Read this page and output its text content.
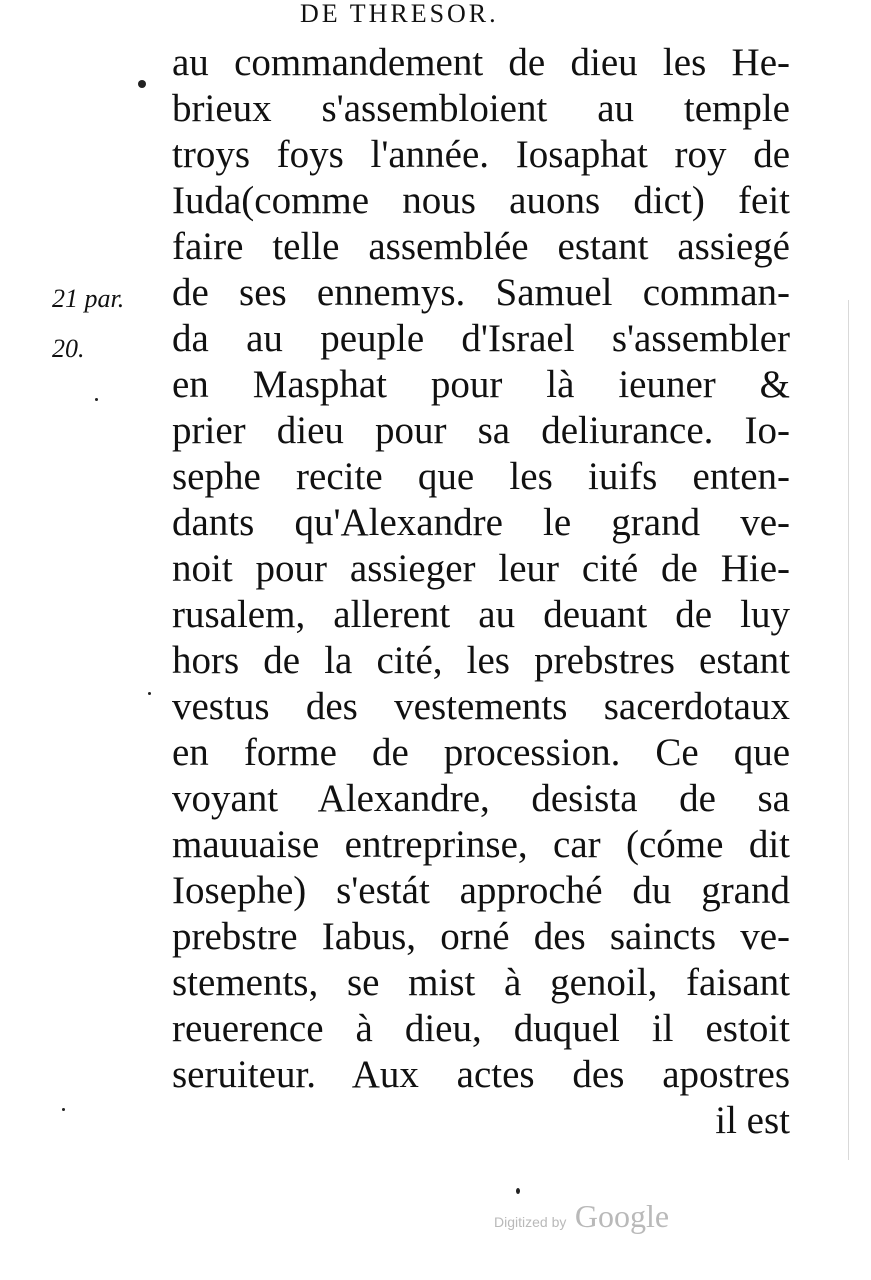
DE THRESOR.
21 par.
20.
au commandement de dieu les He-
brieux s'assembloient au temple
troys foys l'année. Iosaphat roy de
Iuda(comme nous auons dict) feit
faire telle assemblée estant assiegé
de ses ennemys. Samuel comman-
da au peuple d'Israel s'assembler
en Masphat pour là ieuner &
prier dieu pour sa deliurance. Io-
sephe recite que les iuifs enten-
dants qu'Alexandre le grand ve-
noit pour assieger leur cité de Hie-
rusalem, allerent au deuant de luy
hors de la cité, les prebstres estant
vestus des vestements sacerdotaux
en forme de procession. Ce que
voyant Alexandre, desista de sa
mauuaise entreprinse, car (cóme dit
Iosephe) s'estát approché du grand
prebstre Iabus, orné des saincts ve-
stements, se mist à genoil, faisant
reuerence à dieu, duquel il estoit
seruiteur. Aux actes des apostres
il est
Digitized by Google
